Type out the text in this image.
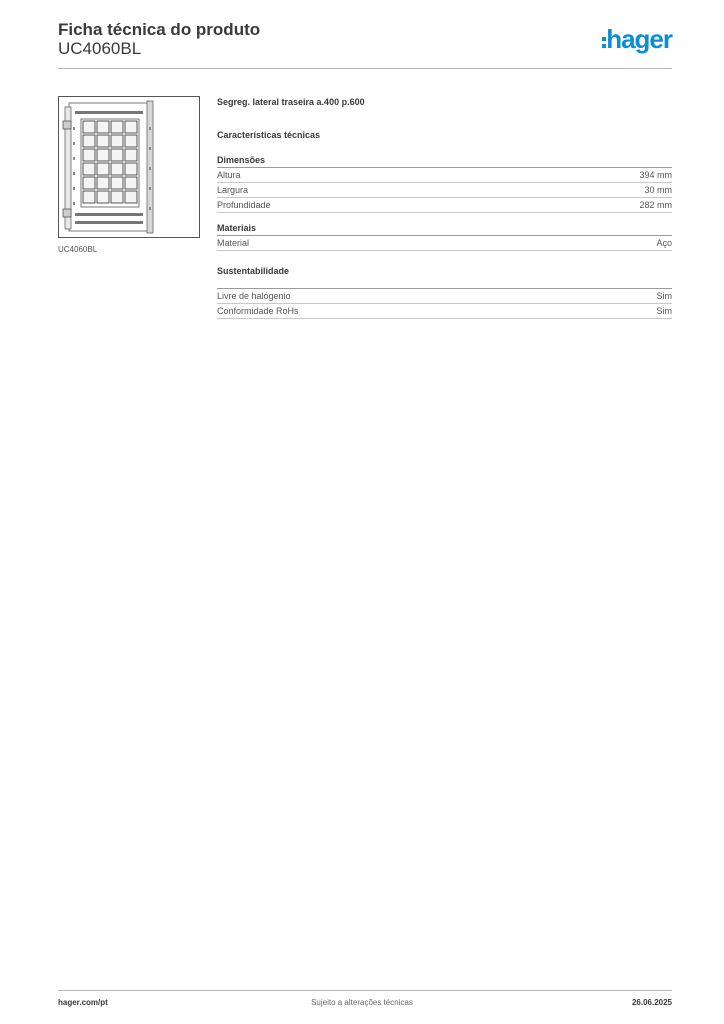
Ficha técnica do produto
UC4060BL	hager
UC4060BL
Segreg. lateral traseira a.400 p.600
Características técnicas
Dimensões
Altura	394 mm
Largura	30 mm
Profundidade	282 mm
Materiais
Material	Aço
Sustentabilidade
Livre de halógenio	Sim
Conformidade RoHs	Sim
hager.com/pt	Sujeito a alterações técnicas	26.06.2025
